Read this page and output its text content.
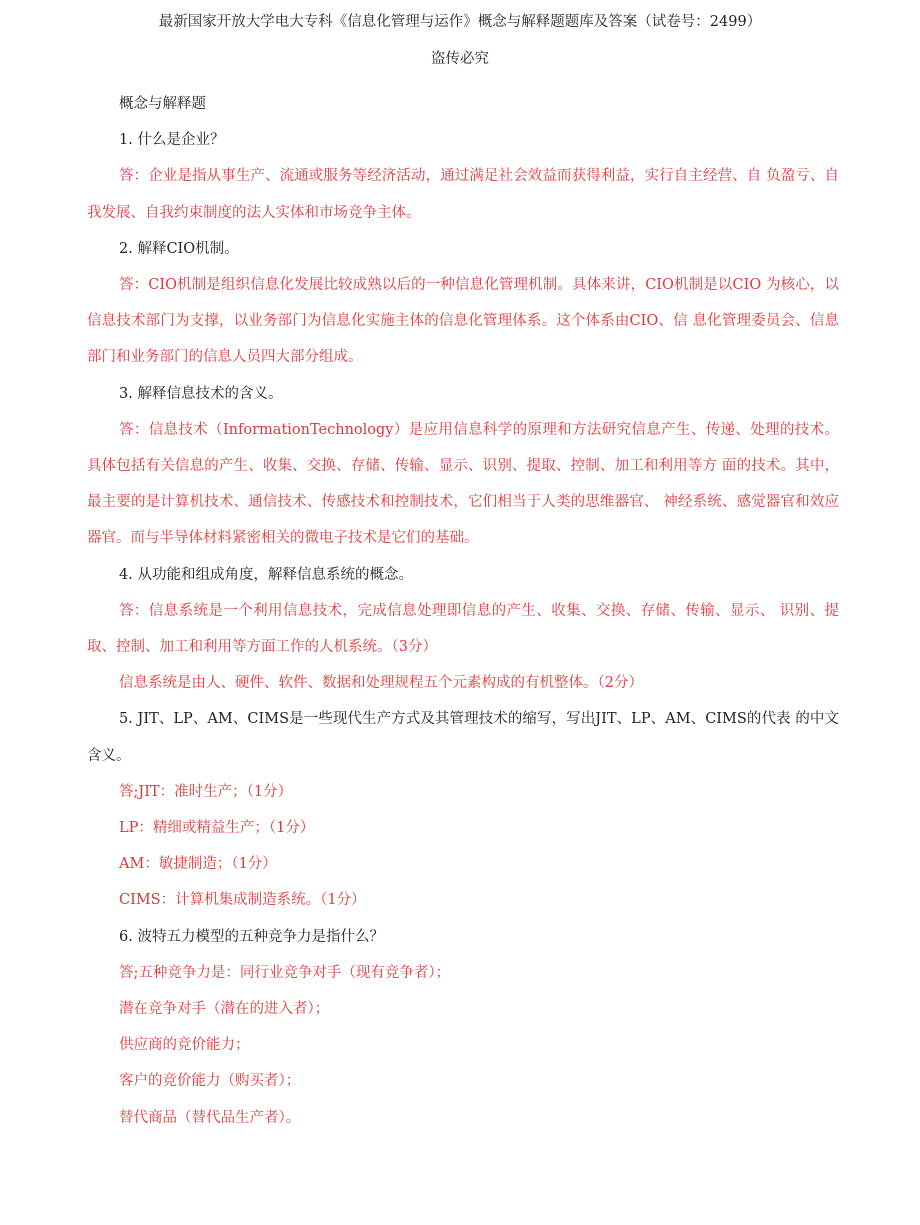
最新国家开放大学电大专科《信息化管理与运作》概念与解释题题库及答案（试卷号：2499）
盗传必究

概念与解释题

1. 什么是企业？

答：企业是指从事生产、流通或服务等经济活动，通过满足社会效益而获得利益，实行自主经营、自 负盈亏、自我发展、自我约束制度的法人实体和市场竞争主体。

2. 解释CIO机制。

答：CIO机制是组织信息化发展比较成熟以后的一种信息化管理机制。具体来讲，CIO机制是以CIO 为核心，以信息技术部门为支撑，以业务部门为信息化实施主体的信息化管理体系。这个体系由CIO、信 息化管理委员会、信息部门和业务部门的信息人员四大部分组成。

3. 解释信息技术的含义。

答：信息技术（InformationTechnology）是应用信息科学的原理和方法研究信息产生、传递、处理的技术。具体包括有关信息的产生、收集、交换、存储、传输、显示、识别、提取、控制、加工和利用等方 面的技术。其中，最主要的是计算机技术、通信技术、传感技术和控制技术，它们相当于人类的思维器官、 神经系统、感觉器官和效应器官。而与半导体材料紧密相关的微电子技术是它们的基础。

4. 从功能和组成角度，解释信息系统的概念。

答：信息系统是一个利用信息技术，完成信息处理即信息的产生、收集、交换、存储、传输、显示、 识别、提取、控制、加工和利用等方面工作的人机系统。（3分）

信息系统是由人、硬件、软件、数据和处理规程五个元素构成的有机整体。（2分）

5. JIT、LP、AM、CIMS是一些现代生产方式及其管理技术的缩写，写出JIT、LP、AM、CIMS的代表 的中文含义。

答;JIT：准时生产；（1分）

LP：精细或精益生产；（1分）

AM：敏捷制造；（1分）

CIMS：计算机集成制造系统。（1分）

6. 波特五力模型的五种竞争力是指什么？

答;五种竞争力是：同行业竞争对手（现有竞争者）；

潜在竞争对手（潜在的进入者）；

供应商的竞价能力；

客户的竞价能力（购买者）；

替代商品（替代品生产者）。
